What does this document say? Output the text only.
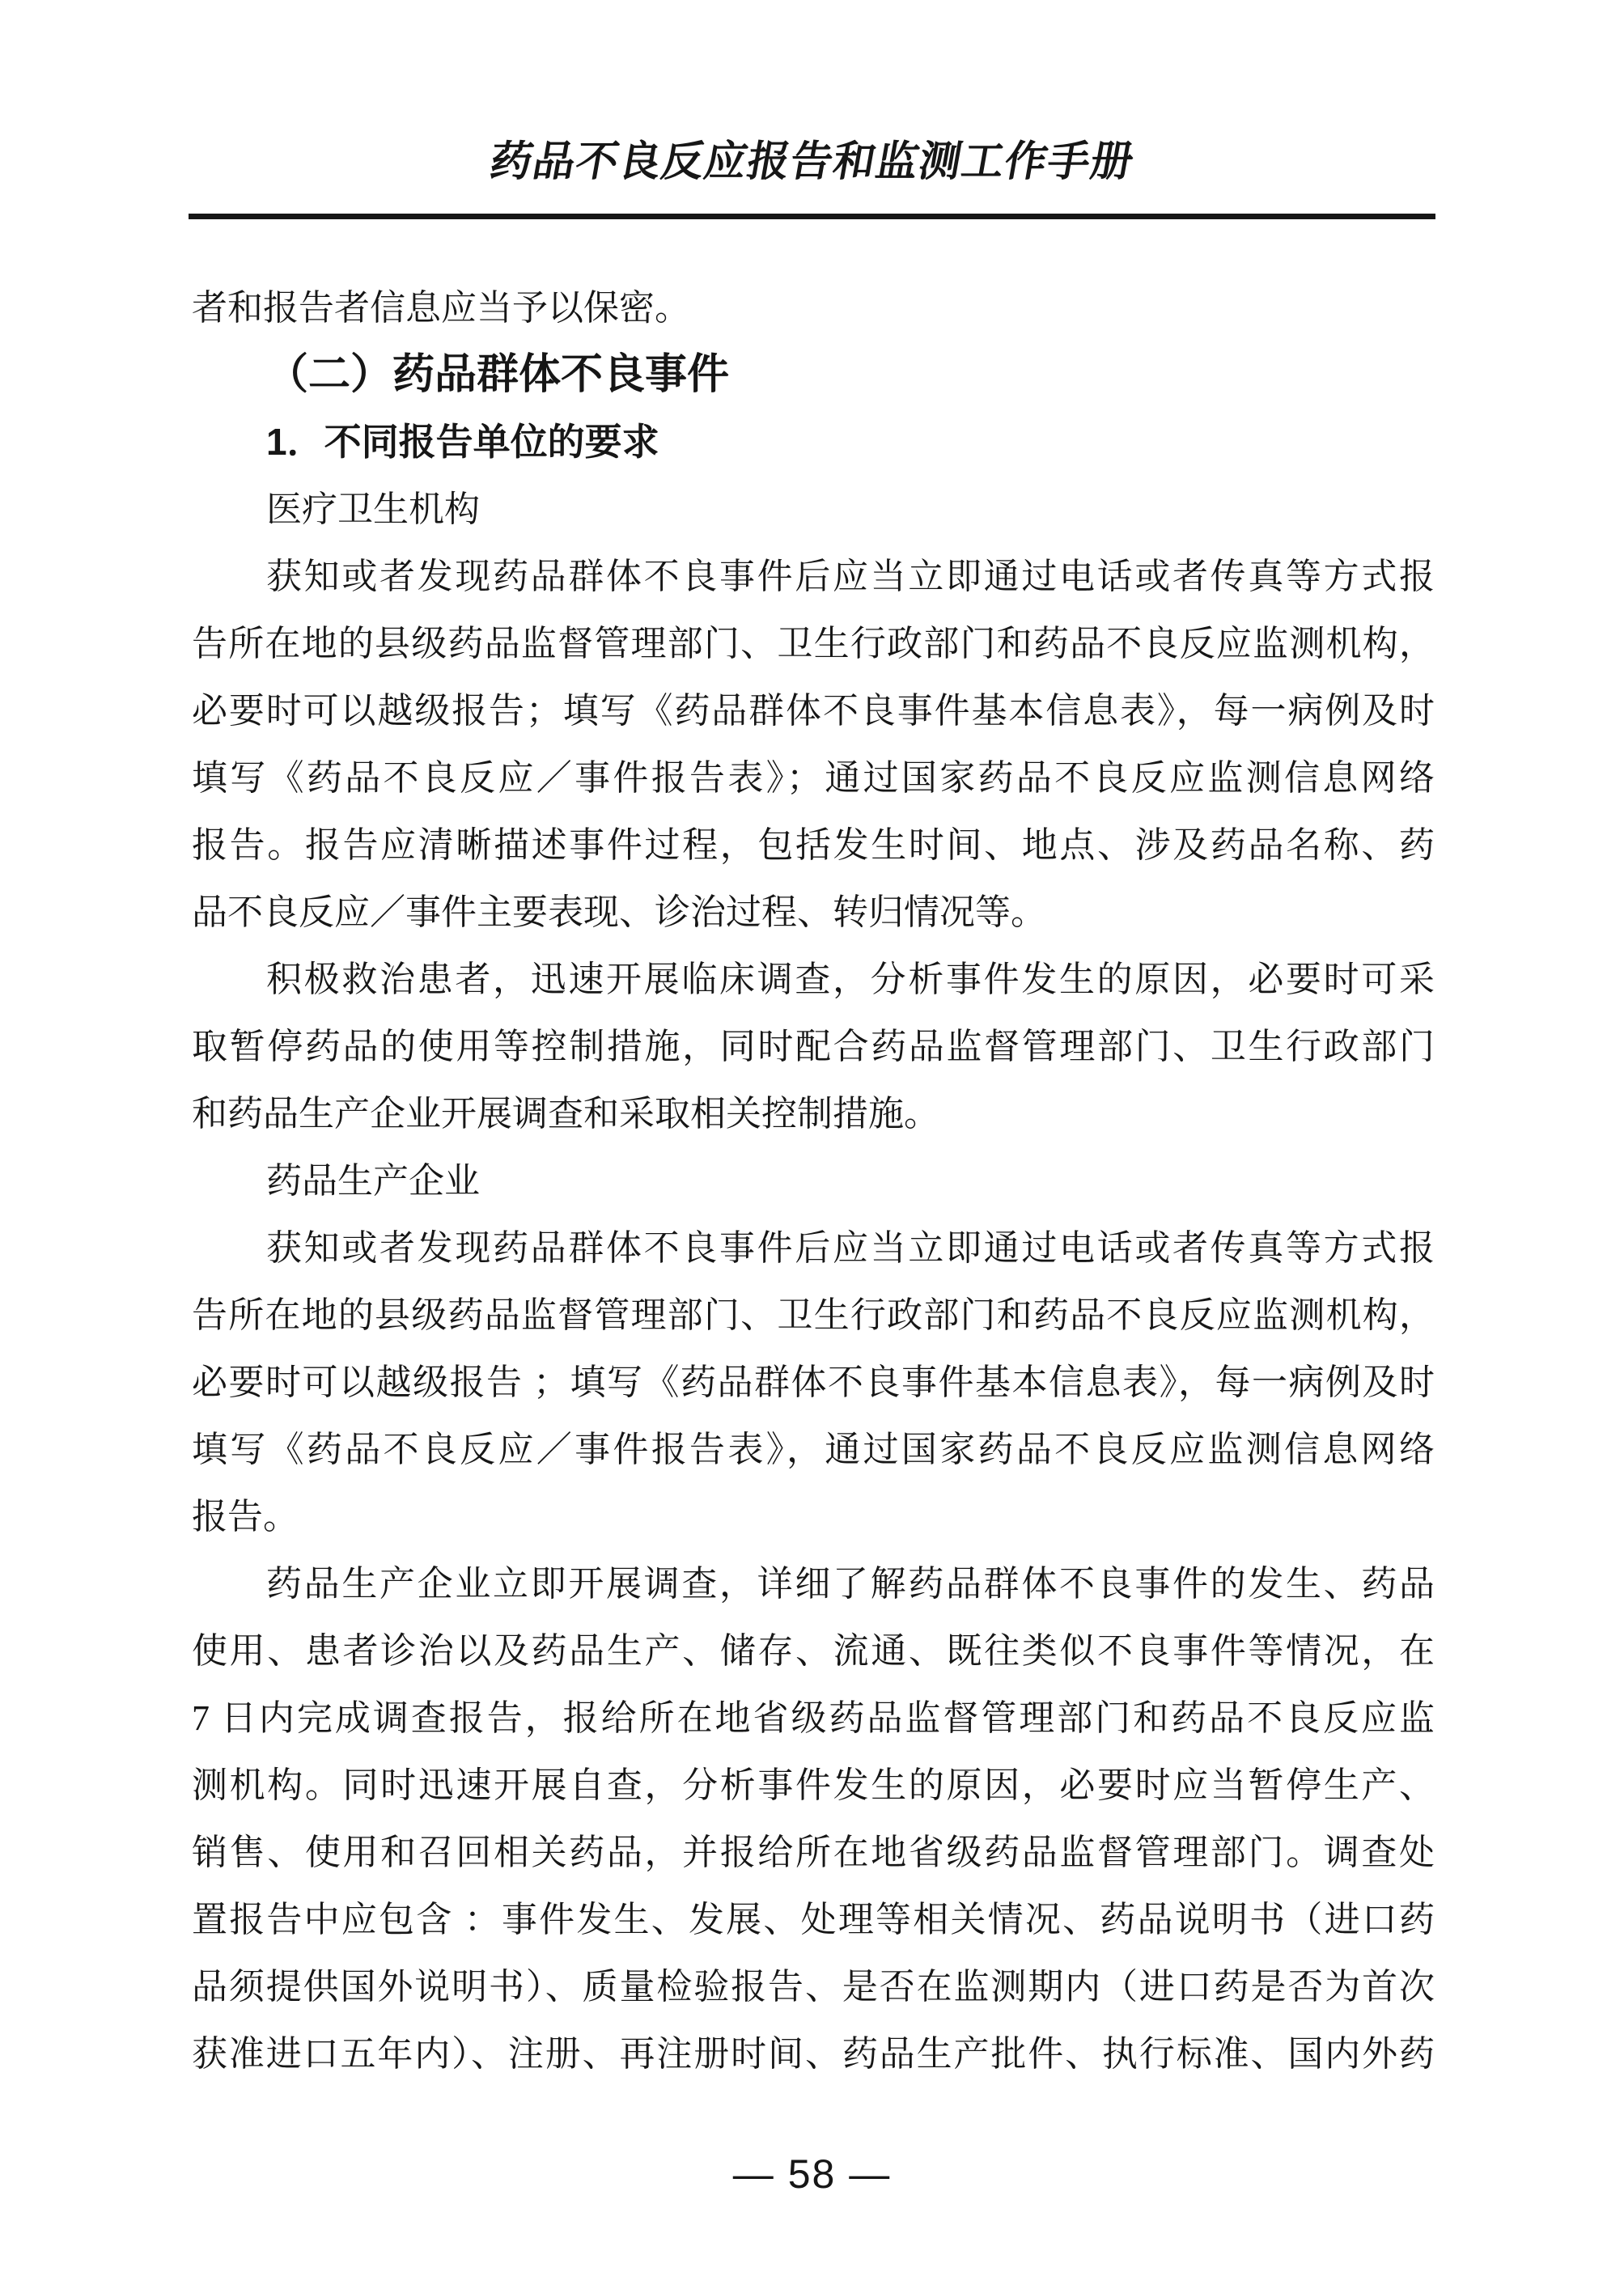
药品不良反应报告和监测工作手册
者和报告者信息应当予以保密。
（二）药品群体不良事件
1．不同报告单位的要求
医疗卫生机构
获知或者发现药品群体不良事件后应当立即通过电话或者传真等方式报
告所在地的县级药品监督管理部门、卫生行政部门和药品不良反应监测机构，
必要时可以越级报告；填写《药品群体不良事件基本信息表》，每一病例及时
填写《药品不良反应／事件报告表》；通过国家药品不良反应监测信息网络
报告。报告应清晰描述事件过程，包括发生时间、地点、涉及药品名称、药
品不良反应／事件主要表现、诊治过程、转归情况等。
积极救治患者，迅速开展临床调查，分析事件发生的原因，必要时可采
取暂停药品的使用等控制措施，同时配合药品监督管理部门、卫生行政部门
和药品生产企业开展调查和采取相关控制措施。
药品生产企业
获知或者发现药品群体不良事件后应当立即通过电话或者传真等方式报
告所在地的县级药品监督管理部门、卫生行政部门和药品不良反应监测机构，
必要时可以越级报告 ；填写《药品群体不良事件基本信息表》，每一病例及时
填写《药品不良反应／事件报告表》，通过国家药品不良反应监测信息网络
报告。
药品生产企业立即开展调查，详细了解药品群体不良事件的发生、药品
使用、患者诊治以及药品生产、储存、流通、既往类似不良事件等情况，在
7 日内完成调查报告，报给所在地省级药品监督管理部门和药品不良反应监
测机构。同时迅速开展自查，分析事件发生的原因，必要时应当暂停生产、
销售、使用和召回相关药品，并报给所在地省级药品监督管理部门。调查处
置报告中应包含 ：事件发生、发展、处理等相关情况、药品说明书（进口药
品须提供国外说明书）、质量检验报告、是否在监测期内（进口药是否为首次
获准进口五年内）、注册、再注册时间、药品生产批件、执行标准、国内外药
— 58 —
